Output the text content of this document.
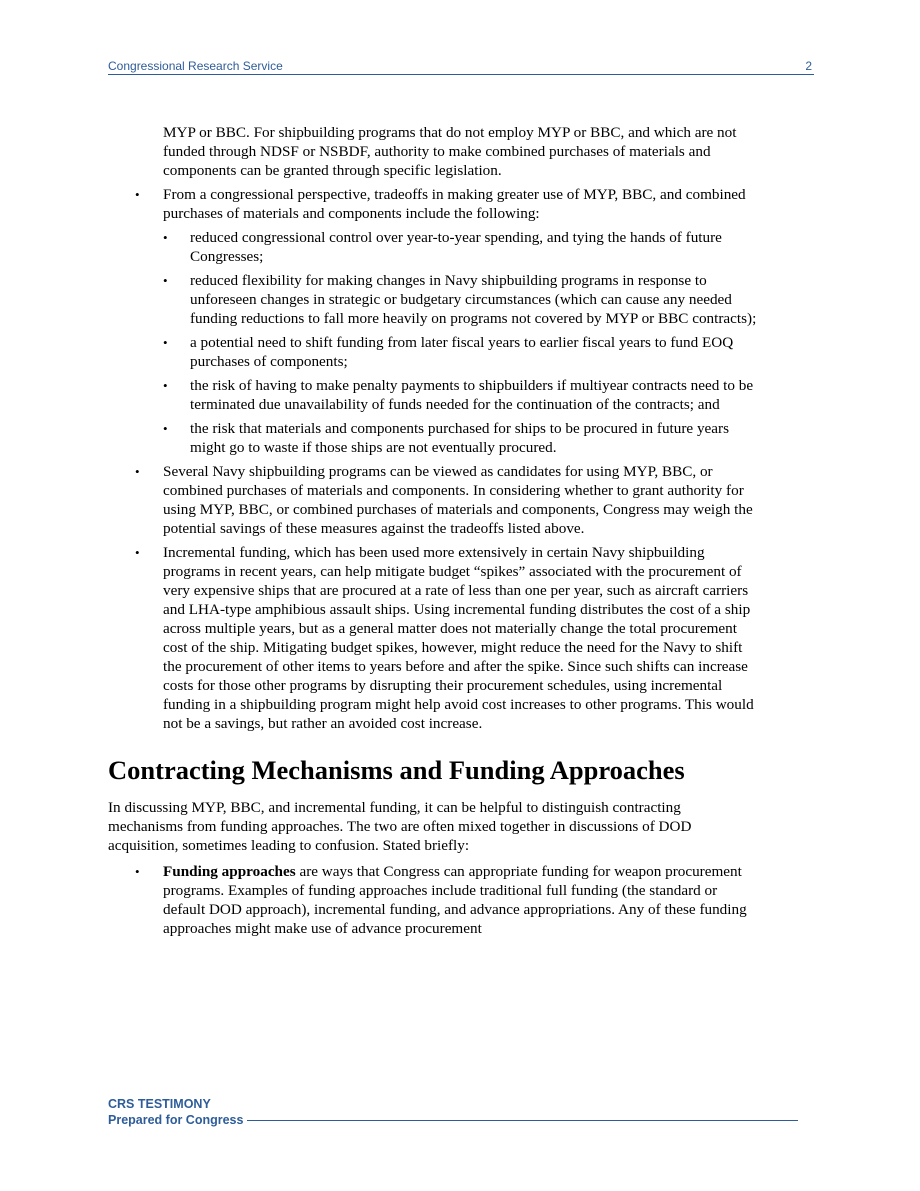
Congressional Research Service	2

MYP or BBC. For shipbuilding programs that do not employ MYP or BBC, and which are not funded through NDSF or NSBDF, authority to make combined purchases of materials and components can be granted through specific legislation.

• From a congressional perspective, tradeoffs in making greater use of MYP, BBC, and combined purchases of materials and components include the following:
• reduced congressional control over year-to-year spending, and tying the hands of future Congresses;
• reduced flexibility for making changes in Navy shipbuilding programs in response to unforeseen changes in strategic or budgetary circumstances (which can cause any needed funding reductions to fall more heavily on programs not covered by MYP or BBC contracts);
• a potential need to shift funding from later fiscal years to earlier fiscal years to fund EOQ purchases of components;
• the risk of having to make penalty payments to shipbuilders if multiyear contracts need to be terminated due unavailability of funds needed for the continuation of the contracts; and
• the risk that materials and components purchased for ships to be procured in future years might go to waste if those ships are not eventually procured.
• Several Navy shipbuilding programs can be viewed as candidates for using MYP, BBC, or combined purchases of materials and components. In considering whether to grant authority for using MYP, BBC, or combined purchases of materials and components, Congress may weigh the potential savings of these measures against the tradeoffs listed above.
• Incremental funding, which has been used more extensively in certain Navy shipbuilding programs in recent years, can help mitigate budget “spikes” associated with the procurement of very expensive ships that are procured at a rate of less than one per year, such as aircraft carriers and LHA-type amphibious assault ships. Using incremental funding distributes the cost of a ship across multiple years, but as a general matter does not materially change the total procurement cost of the ship. Mitigating budget spikes, however, might reduce the need for the Navy to shift the procurement of other items to years before and after the spike. Since such shifts can increase costs for those other programs by disrupting their procurement schedules, using incremental funding in a shipbuilding program might help avoid cost increases to other programs. This would not be a savings, but rather an avoided cost increase.
Contracting Mechanisms and Funding Approaches

In discussing MYP, BBC, and incremental funding, it can be helpful to distinguish contracting mechanisms from funding approaches. The two are often mixed together in discussions of DOD acquisition, sometimes leading to confusion. Stated briefly:

• Funding approaches are ways that Congress can appropriate funding for weapon procurement programs. Examples of funding approaches include traditional full funding (the standard or default DOD approach), incremental funding, and advance appropriations. Any of these funding approaches might make use of advance procurement
CRS TESTIMONY
Prepared for Congress
